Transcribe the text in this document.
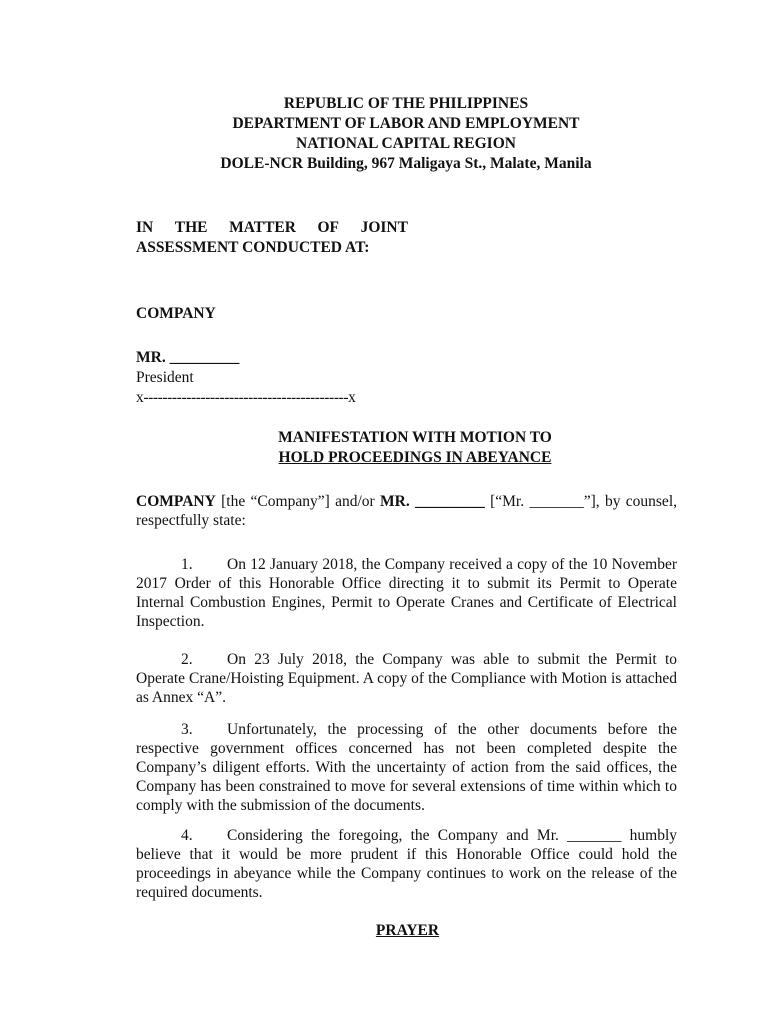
REPUBLIC OF THE PHILIPPINES
DEPARTMENT OF LABOR AND EMPLOYMENT
NATIONAL CAPITAL REGION
DOLE-NCR Building, 967 Maligaya St., Malate, Manila
IN THE MATTER OF JOINT
ASSESSMENT CONDUCTED AT:
COMPANY
MR. _________
President
x-------------------------------------------x
MANIFESTATION WITH MOTION TO
HOLD PROCEEDINGS IN ABEYANCE
COMPANY [the “Company”] and/or MR. _________ [“Mr. _______”], by counsel, respectfully state:
1. On 12 January 2018, the Company received a copy of the 10 November 2017 Order of this Honorable Office directing it to submit its Permit to Operate Internal Combustion Engines, Permit to Operate Cranes and Certificate of Electrical Inspection.
2. On 23 July 2018, the Company was able to submit the Permit to Operate Crane/Hoisting Equipment. A copy of the Compliance with Motion is attached as Annex “A”.
3. Unfortunately, the processing of the other documents before the respective government offices concerned has not been completed despite the Company’s diligent efforts. With the uncertainty of action from the said offices, the Company has been constrained to move for several extensions of time within which to comply with the submission of the documents.
4. Considering the foregoing, the Company and Mr. _______ humbly believe that it would be more prudent if this Honorable Office could hold the proceedings in abeyance while the Company continues to work on the release of the required documents.
PRAYER
